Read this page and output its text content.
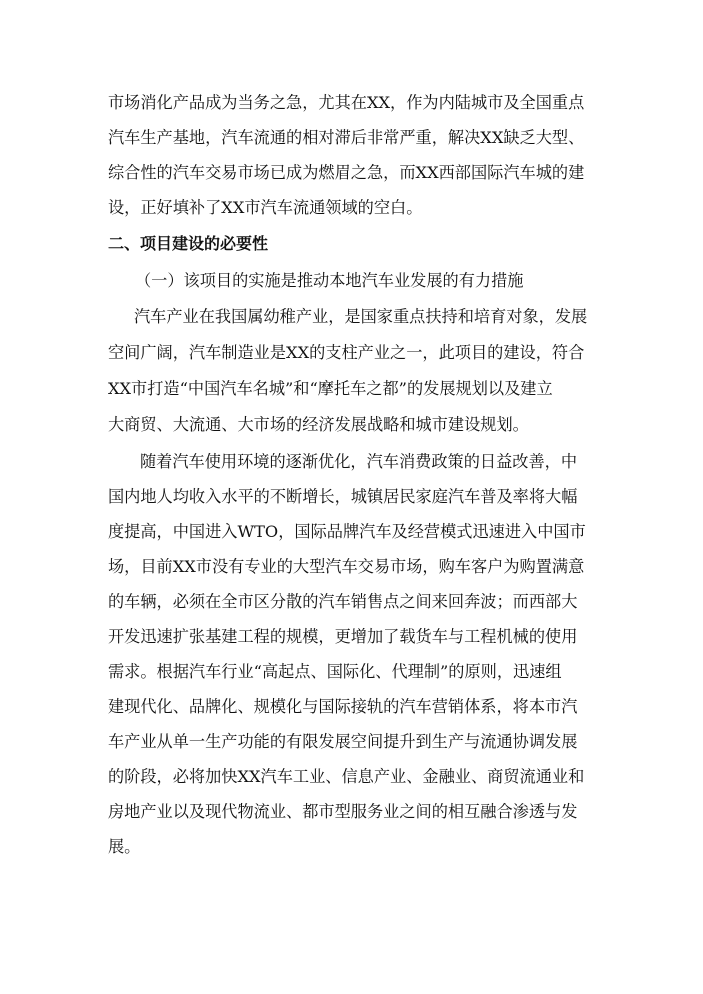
市场消化产品成为当务之急，尤其在XX，作为内陆城市及全国重点
汽车生产基地，汽车流通的相对滞后非常严重，解决XX缺乏大型、
综合性的汽车交易市场已成为燃眉之急，而XX西部国际汽车城的建
设，正好填补了XX市汽车流通领域的空白。
二、项目建设的必要性
（一）该项目的实施是推动本地汽车业发展的有力措施
汽车产业在我国属幼稚产业，是国家重点扶持和培育对象，发展
空间广阔，汽车制造业是XX的支柱产业之一，此项目的建设，符合
XX市打造“中国汽车名城”和“摩托车之都”的发展规划以及建立
大商贸、大流通、大市场的经济发展战略和城市建设规划。
随着汽车使用环境的逐渐优化，汽车消费政策的日益改善，中
国内地人均收入水平的不断增长，城镇居民家庭汽车普及率将大幅
度提高，中国进入WTO，国际品牌汽车及经营模式迅速进入中国市
场，目前XX市没有专业的大型汽车交易市场，购车客户为购置满意
的车辆，必须在全市区分散的汽车销售点之间来回奔波；而西部大
开发迅速扩张基建工程的规模，更增加了载货车与工程机械的使用
需求。根据汽车行业“高起点、国际化、代理制”的原则，迅速组
建现代化、品牌化、规模化与国际接轨的汽车营销体系，将本市汽
车产业从单一生产功能的有限发展空间提升到生产与流通协调发展
的阶段，必将加快XX汽车工业、信息产业、金融业、商贸流通业和
房地产业以及现代物流业、都市型服务业之间的相互融合渗透与发
展。
